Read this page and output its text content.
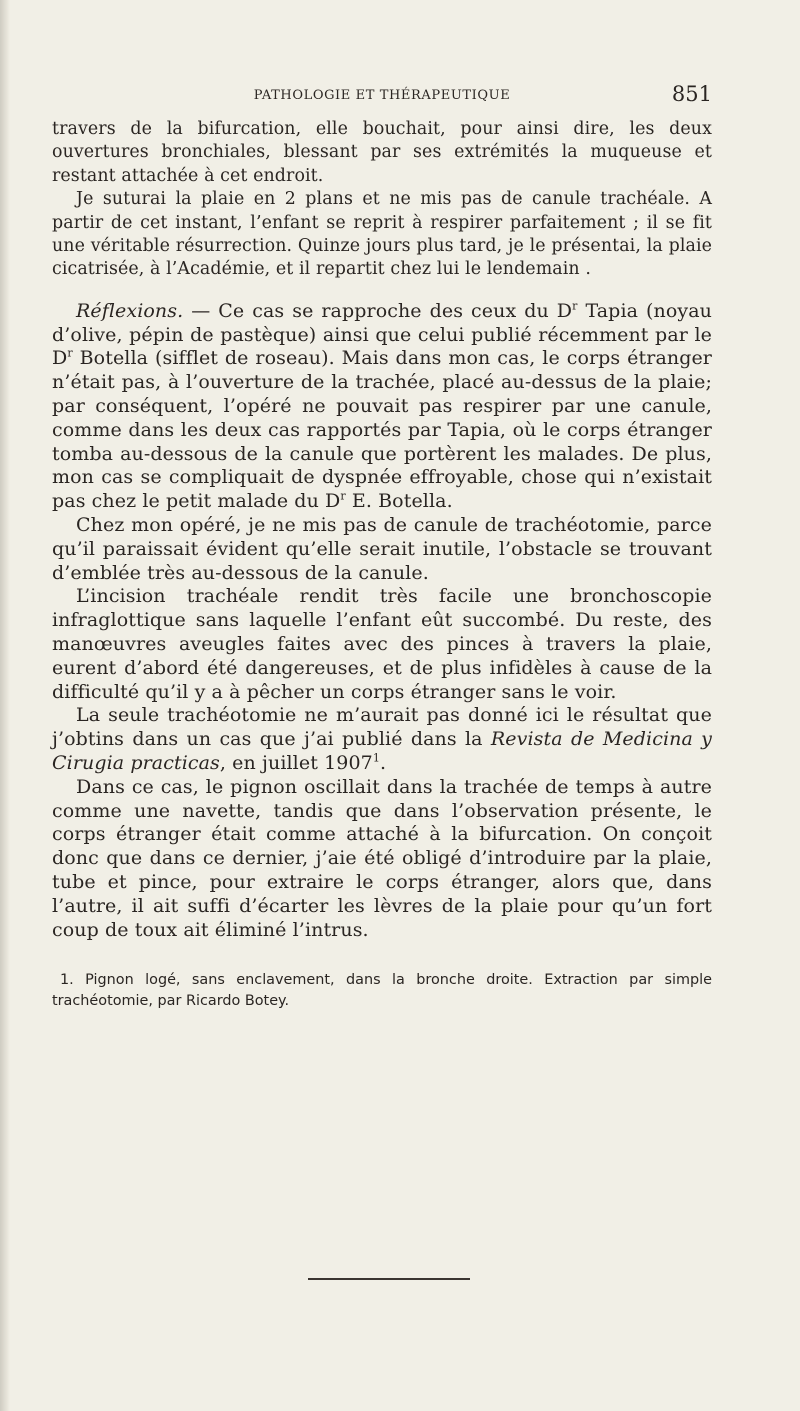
PATHOLOGIE ET THÉRAPEUTIQUE	851

travers de la bifurcation, elle bouchait, pour ainsi dire, les deux ouvertures bronchiales, blessant par ses extrémités la muqueuse et restant attachée à cet endroit.

Je suturai la plaie en 2 plans et ne mis pas de canule trachéale. A partir de cet instant, l’enfant se reprit à respirer parfaitement ; il se fit une véritable résurrection. Quinze jours plus tard, je le présentai, la plaie cicatrisée, à l’Académie, et il repartit chez lui le lendemain .

Réflexions. — Ce cas se rapproche des ceux du $D^r$ Tapia (noyau d’olive, pépin de pastèque) ainsi que celui publié récemment par le $D^r$ Botella (sifflet de roseau). Mais dans mon cas, le corps étranger n’était pas, à l’ouverture de la trachée, placé au-dessus de la plaie; par conséquent, l’opéré ne pouvait pas respirer par une canule, comme dans les deux cas rapportés par Tapia, où le corps étranger tomba au-dessous de la canule que portèrent les malades. De plus, mon cas se compliquait de dyspnée effroyable, chose qui n’existait pas chez le petit malade du $D^r$ E. Botella.

Chez mon opéré, je ne mis pas de canule de trachéotomie, parce qu’il paraissait évident qu’elle serait inutile, l’obstacle se trouvant d’emblée très au-dessous de la canule.

L’incision trachéale rendit très facile une bronchoscopie infraglottique sans laquelle l’enfant eût succombé. Du reste, des manœuvres aveugles faites avec des pinces à travers la plaie, eurent d’abord été dangereuses, et de plus infidèles à cause de la difficulté qu’il y a à pêcher un corps étranger sans le voir.

La seule trachéotomie ne m’aurait pas donné ici le résultat que j’obtins dans un cas que j’ai publié dans la Revista de Medicina y Cirugia practicas, en juillet 1907$^1$.

Dans ce cas, le pignon oscillait dans la trachée de temps à autre comme une navette, tandis que dans l’observation présente, le corps étranger était comme attaché à la bifurcation. On conçoit donc que dans ce dernier, j’aie été obligé d’introduire par la plaie, tube et pince, pour extraire le corps étranger, alors que, dans l’autre, il ait suffi d’écarter les lèvres de la plaie pour qu’un fort coup de toux ait éliminé l’intrus.

1. Pignon logé, sans enclavement, dans la bronche droite. Extraction par simple trachéotomie, par Ricardo Botey.
